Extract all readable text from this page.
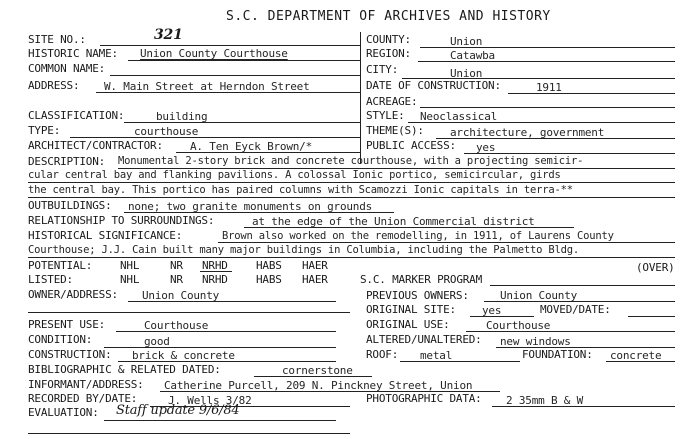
S.C. DEPARTMENT OF ARCHIVES AND HISTORY
SITE NO.:	321	COUNTY:	Union
HISTORIC NAME: Union County Courthouse	REGION:	Catawba
COMMON NAME:	CITY:	Union
ADDRESS: W. Main Street at Herndon Street	DATE OF CONSTRUCTION:	1911
ACREAGE:
CLASSIFICATION:	building	STYLE: Neoclassical
TYPE:	courthouse	THEME(S): architecture, government
ARCHITECT/CONTRACTOR: A. Ten Eyck Brown/*	PUBLIC ACCESS: yes
DESCRIPTION: Monumental 2-story brick and concrete courthouse, with a projecting semicir-
cular central bay and flanking pavilions. A colossal Ionic portico, semicircular, girds
the central bay. This portico has paired columns with Scamozzi Ionic capitals in terra-**
OUTBUILDINGS: none; two granite monuments on grounds
RELATIONSHIP TO SURROUNDINGS:	at the edge of the Union Commercial district
HISTORICAL SIGNIFICANCE:	Brown also worked on the remodelling, in 1911, of Laurens County
Courthouse; J.J. Cain built many major buildings in Columbia, including the Palmetto Bldg.
POTENTIAL:	NHL	NR NRHD	HABS HAER	(OVER)
LISTED:	NHL	NR NRHD	HABS HAER	S.C. MARKER PROGRAM
OWNER/ADDRESS: Union County	PREVIOUS OWNERS:	Union County
ORIGINAL SITE: yes	MOVED/DATE:
PRESENT USE:	Courthouse	ORIGINAL USE:	Courthouse
CONDITION:	good	ALTERED/UNALTERED: new windows
CONSTRUCTION: brick & concrete	ROOF: metal	FOUNDATION: concrete
BIBLIOGRAPHIC & RELATED DATED:	cornerstone
INFORMANT/ADDRESS: Catherine Purcell, 209 N. Pinckney Street, Union
RECORDED BY/DATE:	J. Wells 3/82	PHOTOGRAPHIC DATA: 2 35mm B & W
EVALUATION: Staff update 9/6/84
